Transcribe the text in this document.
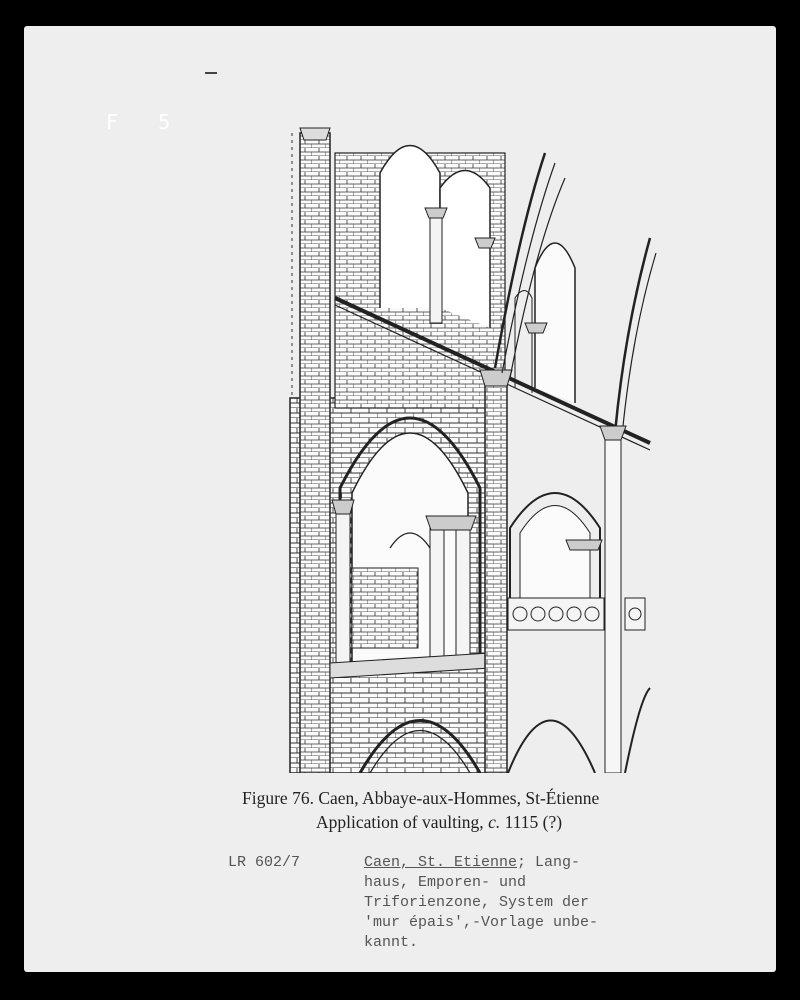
F 5
Figure 76. Caen, Abbaye-aux-Hommes, St-Étienne
Application of vaulting, c. 1115 (?)
LR 602/7	Caen, St. Etienne; Lang-
haus, Emporen- und
Triforienzone, System der
'mur épais',-Vorlage unbe-
kannt.
